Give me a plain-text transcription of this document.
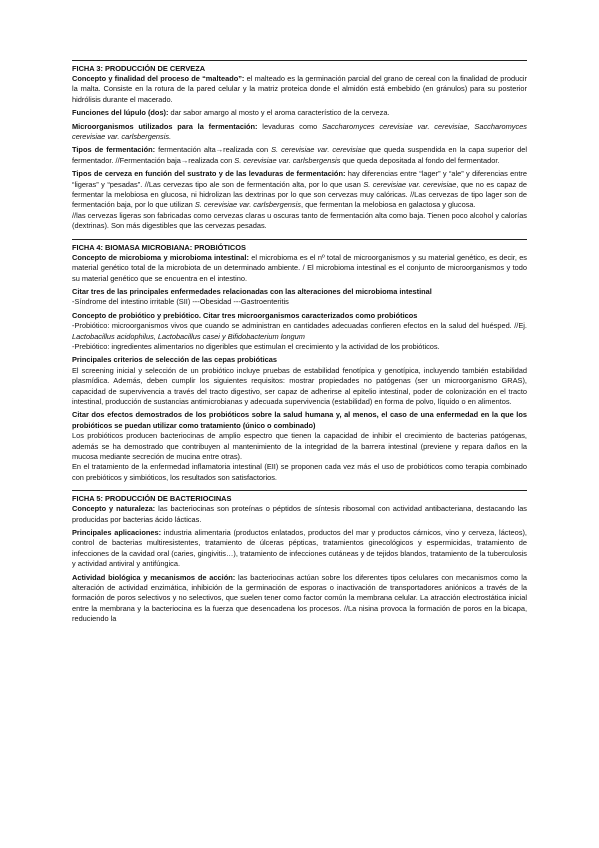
FICHA 3: PRODUCCIÓN DE CERVEZA

Concepto y finalidad del proceso de “malteado”: el malteado es la germinación parcial del grano de cereal con la finalidad de producir la malta. Consiste en la rotura de la pared celular y la matriz proteica donde el almidón está embebido (en gránulos) para su posterior hidrólisis durante el macerado.

Funciones del lúpulo (dos): dar sabor amargo al mosto y el aroma característico de la cerveza.

Microorganismos utilizados para la fermentación: levaduras como Saccharomyces cerevisiae var. cerevisiae, Saccharomyces cerevisiae var. carlsbergensis.

Tipos de fermentación: fermentación alta→realizada con S. cerevisiae var. cerevisiae que queda suspendida en la capa superior del fermentador. //Fermentación baja→realizada con S. cerevisiae var. carlsbergensis que queda depositada al fondo del fermentador.

Tipos de cerveza en función del sustrato y de las levaduras de fermentación: hay diferencias entre “lager” y “ale” y diferencias entre “ligeras” y “pesadas”. //Las cervezas tipo ale son de fermentación alta, por lo que usan S. cerevisiae var. cerevisiae, que no es capaz de fermentar la melobiosa en glucosa, ni hidrolizan las dextrinas por lo que son cervezas muy calóricas. //Las cervezas de tipo lager son de fermentación baja, por lo que utilizan S. cerevisiae var. carlsbergensis, que fermentan la melobiosa en galactosa y glucosa.

//las cervezas ligeras son fabricadas como cervezas claras u oscuras tanto de fermentación alta como baja. Tienen poco alcohol y calorías (dextrinas). Son más digestibles que las cervezas pesadas.

FICHA 4: BIOMASA MICROBIANA: PROBIÓTICOS

Concepto de microbioma y microbioma intestinal: el microbioma es el nº total de microorganismos y su material genético, es decir, es material genético total de la microbiota de un determinado ambiente. / El microbioma intestinal es el conjunto de microorganismos y todo su material genético que se encuentra en el intestino.

Citar tres de las principales enfermedades relacionadas con las alteraciones del microbioma intestinal

-Síndrome del intestino irritable (SII) ---Obesidad ---Gastroenteritis

Concepto de probiótico y prebiótico. Citar tres microorganismos caracterizados como probióticos

-Probiótico: microorganismos vivos que cuando se administran en cantidades adecuadas confieren efectos en la salud del huésped. //Ej. Lactobacillus acidophilus, Lactobacillus casei y Bifidobacterium longum

-Prebiótico: ingredientes alimentarios no digeribles que estimulan el crecimiento y la actividad de los probióticos.

Principales criterios de selección de las cepas probióticas

El screening inicial y selección de un probiótico incluye pruebas de estabilidad fenotípica y genotípica, incluyendo también estabilidad plasmídica. Además, deben cumplir los siguientes requisitos: mostrar propiedades no patógenas (ser un microorganismo GRAS), capacidad de supervivencia a través del tracto digestivo, ser capaz de adherirse al epitelio intestinal, poder de colonización en el tracto intestinal, producción de sustancias antimicrobianas y adecuada supervivencia (estabilidad) en forma de polvo, líquido o en alimentos.

Citar dos efectos demostrados de los probióticos sobre la salud humana y, al menos, el caso de una enfermedad en la que los probióticos se puedan utilizar como tratamiento (único o combinado)

Los probióticos producen bacteriocinas de amplio espectro que tienen la capacidad de inhibir el crecimiento de bacterias patógenas, además se ha demostrado que contribuyen al mantenimiento de la integridad de la barrera intestinal (previene y repara daños en la mucosa mediante secreción de mucina entre otras).

En el tratamiento de la enfermedad inflamatoria intestinal (EII) se proponen cada vez más el uso de probióticos como terapia combinado con prebióticos y simbióticos, los resultados son satisfactorios.

FICHA 5: PRODUCCIÓN DE BACTERIOCINAS

Concepto y naturaleza: las bacteriocinas son proteínas o péptidos de síntesis ribosomal con actividad antibacteriana, destacando las producidas por bacterias ácido lácticas.

Principales aplicaciones: industria alimentaria (productos enlatados, productos del mar y productos cárnicos, vino y cerveza, lácteos), control de bacterias multiresistentes, tratamiento de úlceras pépticas, tratamientos ginecológicos y espermicidas, tratamiento de infecciones de la cavidad oral (caries, gingivitis…), tratamiento de infecciones cutáneas y de tejidos blandos, tratamiento de la tuberculosis y actividad antiviral y antifúngica.

Actividad biológica y mecanismos de acción: las bacteriocinas actúan sobre los diferentes tipos celulares con mecanismos como la alteración de actividad enzimática, inhibición de la germinación de esporas o inactivación de transportadores aniónicos a través de la formación de poros selectivos y no selectivos, que suelen tener como factor común la membrana celular. La atracción electrostática inicial entre la membrana y la bacteriocina es la fuerza que desencadena los procesos. //La nisina provoca la formación de poros en la bicapa, reduciendo la
